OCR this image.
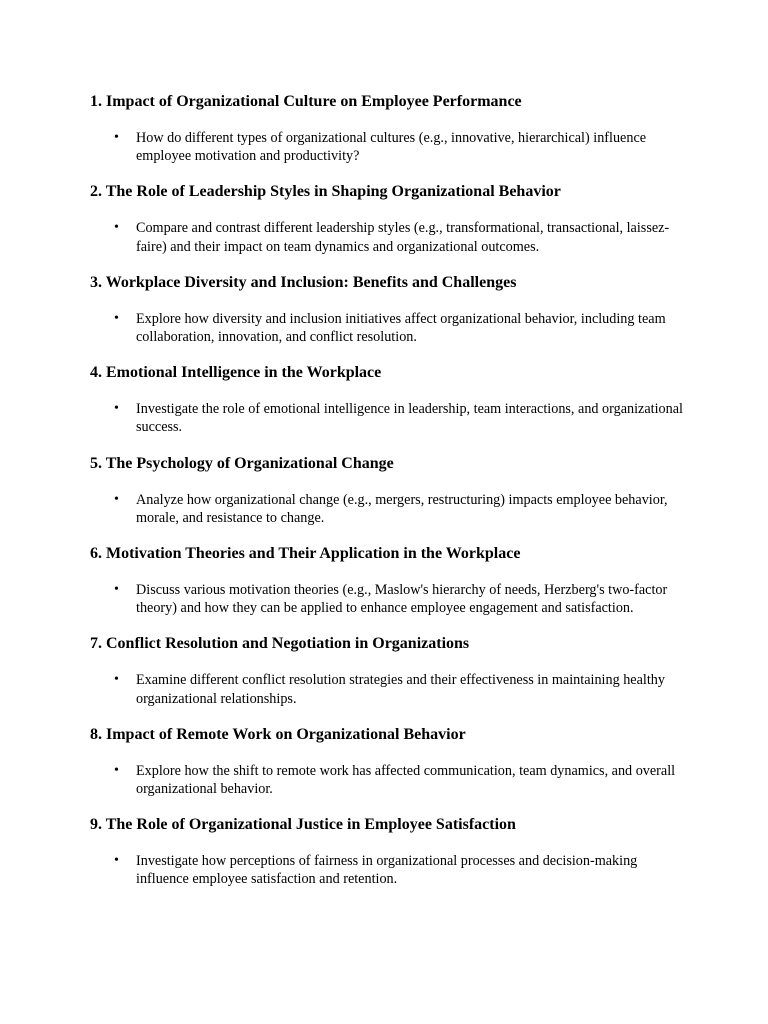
1. Impact of Organizational Culture on Employee Performance
• How do different types of organizational cultures (e.g., innovative, hierarchical) influence employee motivation and productivity?
2. The Role of Leadership Styles in Shaping Organizational Behavior
• Compare and contrast different leadership styles (e.g., transformational, transactional, laissez-faire) and their impact on team dynamics and organizational outcomes.
3. Workplace Diversity and Inclusion: Benefits and Challenges
• Explore how diversity and inclusion initiatives affect organizational behavior, including team collaboration, innovation, and conflict resolution.
4. Emotional Intelligence in the Workplace
• Investigate the role of emotional intelligence in leadership, team interactions, and organizational success.
5. The Psychology of Organizational Change
• Analyze how organizational change (e.g., mergers, restructuring) impacts employee behavior, morale, and resistance to change.
6. Motivation Theories and Their Application in the Workplace
• Discuss various motivation theories (e.g., Maslow's hierarchy of needs, Herzberg's two-factor theory) and how they can be applied to enhance employee engagement and satisfaction.
7. Conflict Resolution and Negotiation in Organizations
• Examine different conflict resolution strategies and their effectiveness in maintaining healthy organizational relationships.
8. Impact of Remote Work on Organizational Behavior
• Explore how the shift to remote work has affected communication, team dynamics, and overall organizational behavior.
9. The Role of Organizational Justice in Employee Satisfaction
• Investigate how perceptions of fairness in organizational processes and decision-making influence employee satisfaction and retention.
